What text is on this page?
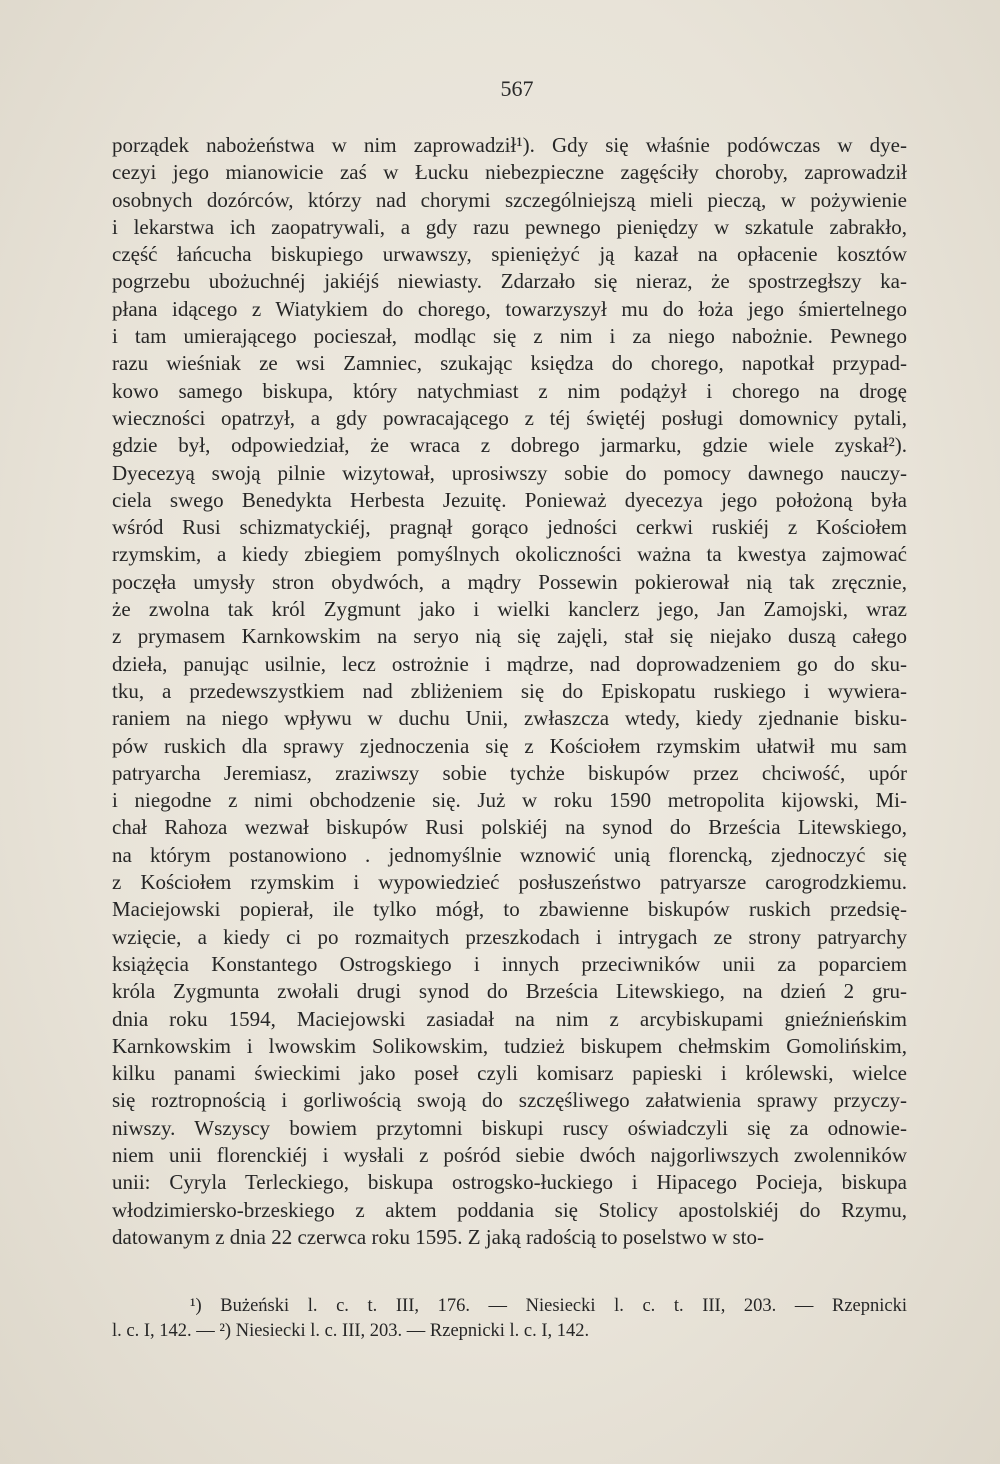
567
porządek nabożeństwa w nim zaprowadził¹). Gdy się właśnie podówczas w dye-
cezyi jego mianowicie zaś w Łucku niebezpieczne zagęściły choroby, zaprowadził
osobnych dozórców, którzy nad chorymi szczególniejszą mieli pieczą, w pożywienie
i lekarstwa ich zaopatrywali, a gdy razu pewnego pieniędzy w szkatule zabrakło,
część łańcucha biskupiego urwawszy, spieniężyć ją kazał na opłacenie kosztów
pogrzebu ubożuchnéj jakiéjś niewiasty. Zdarzało się nieraz, że spostrzegłszy ka-
płana idącego z Wiatykiem do chorego, towarzyszył mu do łoża jego śmiertelnego
i tam umierającego pocieszał, modląc się z nim i za niego nabożnie. Pewnego
razu wieśniak ze wsi Zamniec, szukając księdza do chorego, napotkał przypad-
kowo samego biskupa, który natychmiast z nim podążył i chorego na drogę
wieczności opatrzył, a gdy powracającego z téj świętéj posługi domownicy pytali,
gdzie był, odpowiedział, że wraca z dobrego jarmarku, gdzie wiele zyskał²).
Dyecezyą swoją pilnie wizytował, uprosiwszy sobie do pomocy dawnego nauczy-
ciela swego Benedykta Herbesta Jezuitę. Ponieważ dyecezya jego położoną była
wśród Rusi schizmatyckiéj, pragnął gorąco jedności cerkwi ruskiéj z Kościołem
rzymskim, a kiedy zbiegiem pomyślnych okoliczności ważna ta kwestya zajmować
poczęła umysły stron obydwóch, a mądry Possewin pokierował nią tak zręcznie,
że zwolna tak król Zygmunt jako i wielki kanclerz jego, Jan Zamojski, wraz
z prymasem Karnkowskim na seryo nią się zajęli, stał się niejako duszą całego
dzieła, panując usilnie, lecz ostrożnie i mądrze, nad doprowadzeniem go do sku-
tku, a przedewszystkiem nad zbliżeniem się do Episkopatu ruskiego i wywiera-
raniem na niego wpływu w duchu Unii, zwłaszcza wtedy, kiedy zjednanie bisku-
pów ruskich dla sprawy zjednoczenia się z Kościołem rzymskim ułatwił mu sam
patryarcha Jeremiasz, zraziwszy sobie tychże biskupów przez chciwość, upór
i niegodne z nimi obchodzenie się. Już w roku 1590 metropolita kijowski, Mi-
chał Rahoza wezwał biskupów Rusi polskiéj na synod do Brześcia Litewskiego,
na którym postanowiono . jednomyślnie wznowić unią florencką, zjednoczyć się
z Kościołem rzymskim i wypowiedzieć posłuszeństwo patryarsze carogrodzkiemu.
Maciejowski popierał, ile tylko mógł, to zbawienne biskupów ruskich przedsię-
wzięcie, a kiedy ci po rozmaitych przeszkodach i intrygach ze strony patryarchy
książęcia Konstantego Ostrogskiego i innych przeciwników unii za poparciem
króla Zygmunta zwołali drugi synod do Brześcia Litewskiego, na dzień 2 gru-
dnia roku 1594, Maciejowski zasiadał na nim z arcybiskupami gnieźnieńskim
Karnkowskim i lwowskim Solikowskim, tudzież biskupem chełmskim Gomolińskim,
kilku panami świeckimi jako poseł czyli komisarz papieski i królewski, wielce
się roztropnością i gorliwością swoją do szczęśliwego załatwienia sprawy przyczy-
niwszy. Wszyscy bowiem przytomni biskupi ruscy oświadczyli się za odnowie-
niem unii florenckiéj i wysłali z pośród siebie dwóch najgorliwszych zwolenników
unii: Cyryla Terleckiego, biskupa ostrogsko-łuckiego i Hipacego Pocieja, biskupa
włodzimiersko-brzeskiego z aktem poddania się Stolicy apostolskiéj do Rzymu,
datowanym z dnia 22 czerwca roku 1595. Z jaką radością to poselstwo w sto-
¹) Bużeński l. c. t. III, 176. — Niesiecki l. c. t. III, 203. — Rzepnicki
l. c. I, 142. — ²) Niesiecki l. c. III, 203. — Rzepnicki l. c. I, 142.
